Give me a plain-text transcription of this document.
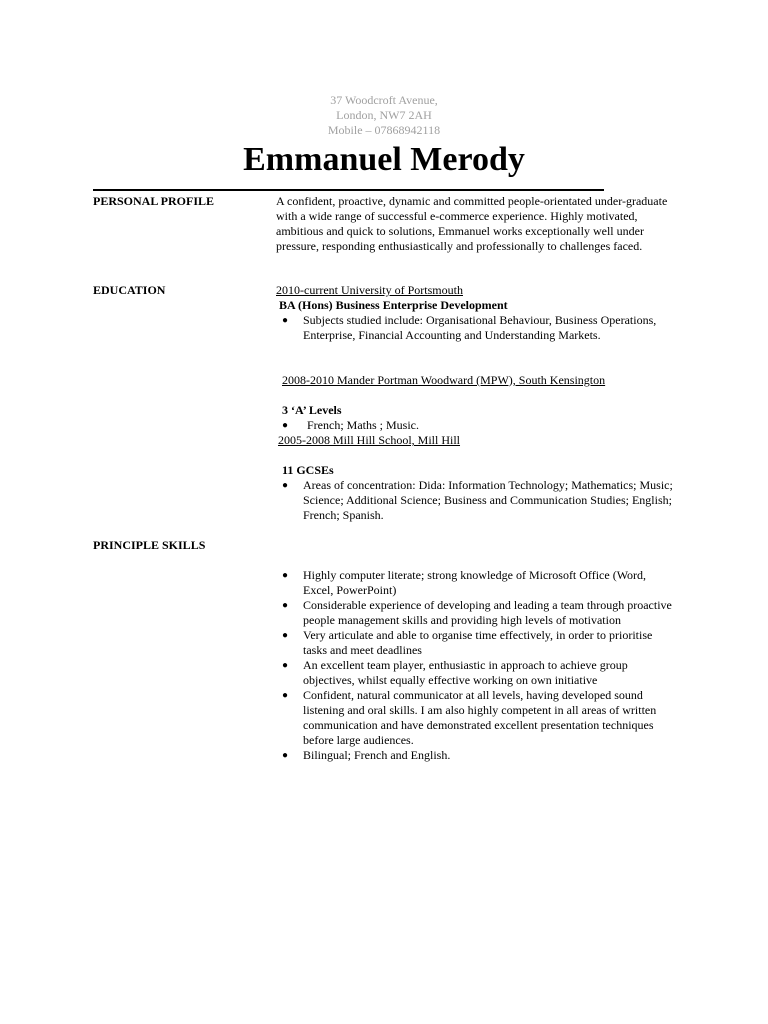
37 Woodcroft Avenue,
London, NW7 2AH
Mobile – 07868942118
Emmanuel Merody
PERSONAL PROFILE	A confident, proactive, dynamic and committed people-orientated under-graduate with a wide range of successful e-commerce experience. Highly motivated, ambitious and quick to solutions, Emmanuel works exceptionally well under pressure, responding enthusiastically and professionally to challenges faced.
EDUCATION	2010-current University of Portsmouth
BA (Hons) Business Enterprise Development
● Subjects studied include: Organisational Behaviour, Business Operations, Enterprise, Financial Accounting and Understanding Markets.
2008-2010 Mander Portman Woodward (MPW), South Kensington
3 ‘A’ Levels
● French; Maths ; Music.
2005-2008 Mill Hill School, Mill Hill
11 GCSEs
● Areas of concentration: Dida: Information Technology; Mathematics; Music; Science; Additional Science; Business and Communication Studies; English; French; Spanish.
PRINCIPLE SKILLS
● Highly computer literate; strong knowledge of Microsoft Office (Word, Excel, PowerPoint)
● Considerable experience of developing and leading a team through proactive people management skills and providing high levels of motivation
● Very articulate and able to organise time effectively, in order to prioritise tasks and meet deadlines
● An excellent team player, enthusiastic in approach to achieve group objectives, whilst equally effective working on own initiative
● Confident, natural communicator at all levels, having developed sound listening and oral skills. I am also highly competent in all areas of written communication and have demonstrated excellent presentation techniques before large audiences.
● Bilingual; French and English.
